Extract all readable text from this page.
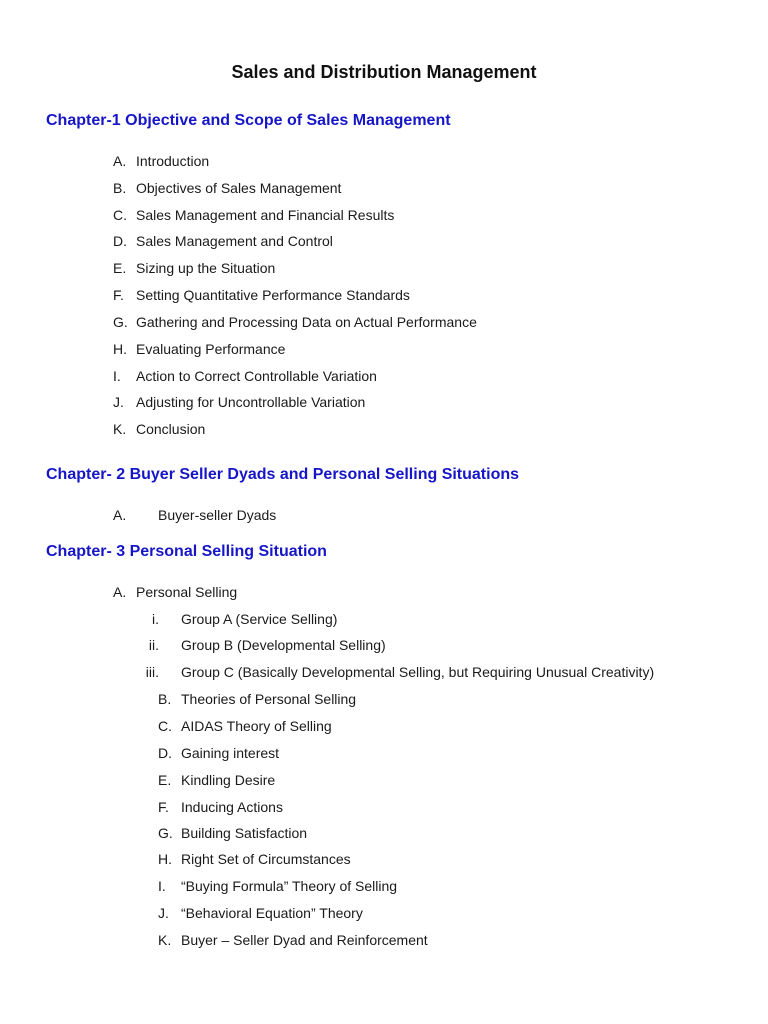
Sales and Distribution Management
Chapter-1 Objective and Scope of Sales Management
A. Introduction
B. Objectives of Sales Management
C. Sales Management and Financial Results
D. Sales Management and Control
E. Sizing up the Situation
F. Setting Quantitative Performance Standards
G. Gathering and Processing Data on Actual Performance
H. Evaluating Performance
I. Action to Correct Controllable Variation
J. Adjusting for Uncontrollable Variation
K. Conclusion
Chapter- 2 Buyer Seller Dyads and Personal Selling Situations
A. Buyer-seller Dyads
Chapter- 3 Personal Selling Situation
A. Personal Selling
i. Group A (Service Selling)
ii. Group B (Developmental Selling)
iii. Group C (Basically Developmental Selling, but Requiring Unusual Creativity)
B. Theories of Personal Selling
C. AIDAS Theory of Selling
D. Gaining interest
E. Kindling Desire
F. Inducing Actions
G. Building Satisfaction
H. Right Set of Circumstances
I. “Buying Formula” Theory of Selling
J. “Behavioral Equation” Theory
K. Buyer – Seller Dyad and Reinforcement
